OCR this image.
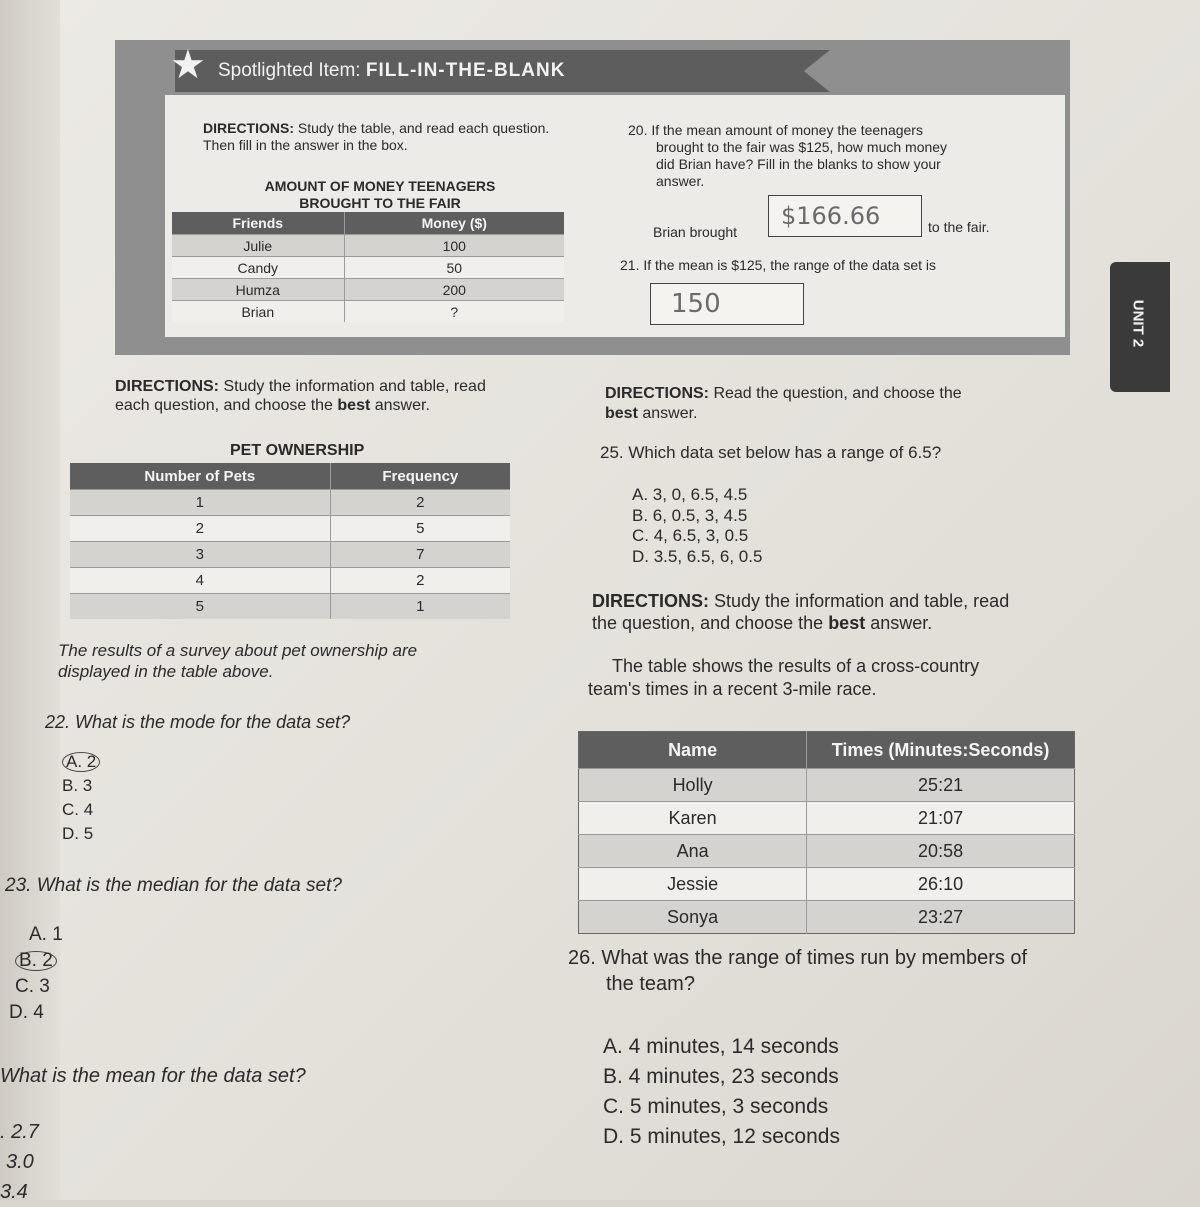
★ Spotlighted Item: FILL-IN-THE-BLANK
DIRECTIONS: Study the table, and read each question. Then fill in the answer in the box.
AMOUNT OF MONEY TEENAGERS
BROUGHT TO THE FAIR
Friends	Money ($)
Julie	100
Candy	50
Humza	200
Brian	?
20. If the mean amount of money the teenagers
brought to the fair was $125, how much money
did Brian have? Fill in the blanks to show your
answer.
Brian brought
$166.66	to the fair.
21. If the mean is $125, the range of the data set is
150	UNIT 2
DIRECTIONS: Study the information and table, read
each question, and choose the best answer.
PET OWNERSHIP
Number of Pets	Frequency
1	2
2	5
3	7
4	2
5	1
The results of a survey about pet ownership are
displayed in the table above.
22. What is the mode for the data set?
A. 2
B. 3
C. 4
D. 5
23. What is the median for the data set?
A. 1
B. 2
C. 3
D. 4
What is the mean for the data set?
. 2.7
3.0
3.4
DIRECTIONS: Read the question, and choose the
best answer.
25. Which data set below has a range of 6.5?
A. 3, 0, 6.5, 4.5
B. 6, 0.5, 3, 4.5
C. 4, 6.5, 3, 0.5
D. 3.5, 6.5, 6, 0.5
DIRECTIONS: Study the information and table, read
the question, and choose the best answer.
The table shows the results of a cross-country
team's times in a recent 3-mile race.
Name	Times (Minutes:Seconds)
Holly	25:21
Karen	21:07
Ana	20:58
Jessie	26:10
Sonya	23:27
26. What was the range of times run by members of
the team?
A. 4 minutes, 14 seconds
B. 4 minutes, 23 seconds
C. 5 minutes, 3 seconds
D. 5 minutes, 12 seconds
